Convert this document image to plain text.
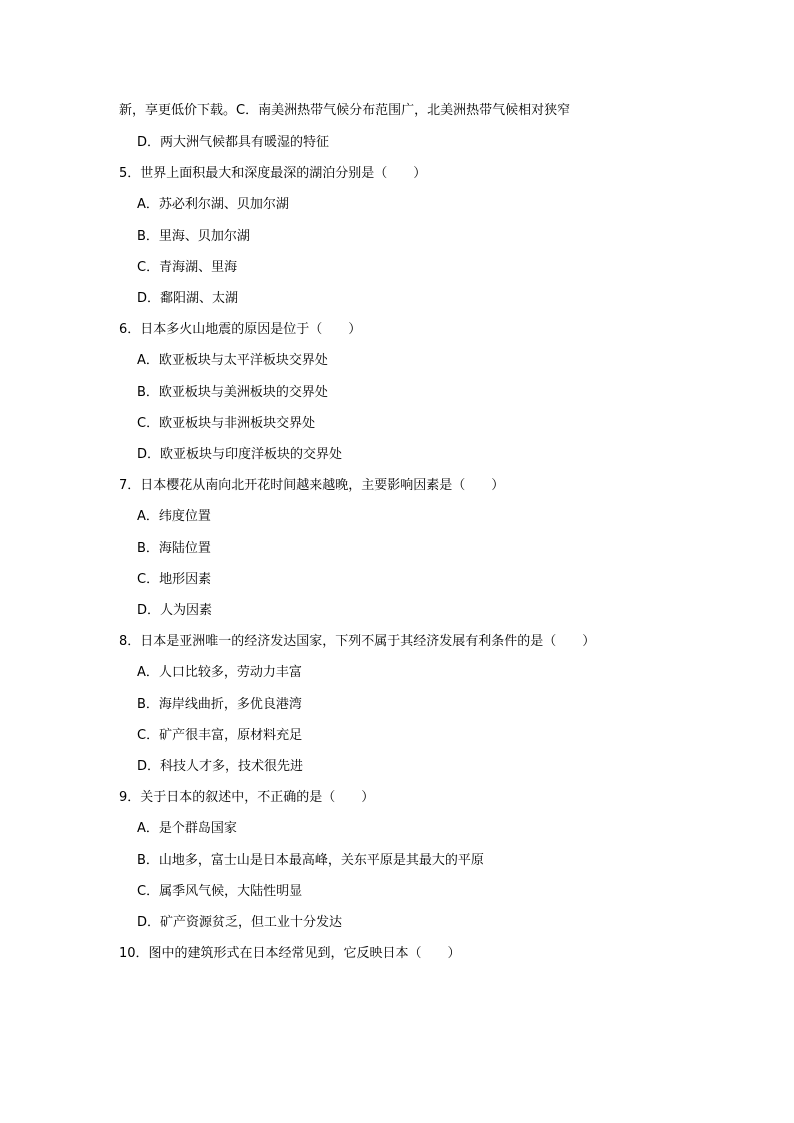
新，享更低价下载。C．南美洲热带气候分布范围广，北美洲热带气候相对狭窄
D．两大洲气候都具有暖湿的特征
5．世界上面积最大和深度最深的湖泊分别是（　　）
A．苏必利尔湖、贝加尔湖
B．里海、贝加尔湖
C．青海湖、里海
D．鄱阳湖、太湖
6．日本多火山地震的原因是位于（　　）
A．欧亚板块与太平洋板块交界处
B．欧亚板块与美洲板块的交界处
C．欧亚板块与非洲板块交界处
D．欧亚板块与印度洋板块的交界处
7．日本樱花从南向北开花时间越来越晚，主要影响因素是（　　）
A．纬度位置
B．海陆位置
C．地形因素
D．人为因素
8．日本是亚洲唯一的经济发达国家，下列不属于其经济发展有利条件的是（　　）
A．人口比较多，劳动力丰富
B．海岸线曲折，多优良港湾
C．矿产很丰富，原材料充足
D．科技人才多，技术很先进
9．关于日本的叙述中，不正确的是（　　）
A．是个群岛国家
B．山地多，富士山是日本最高峰，关东平原是其最大的平原
C．属季风气候，大陆性明显
D．矿产资源贫乏，但工业十分发达
10．图中的建筑形式在日本经常见到，它反映日本（　　）
